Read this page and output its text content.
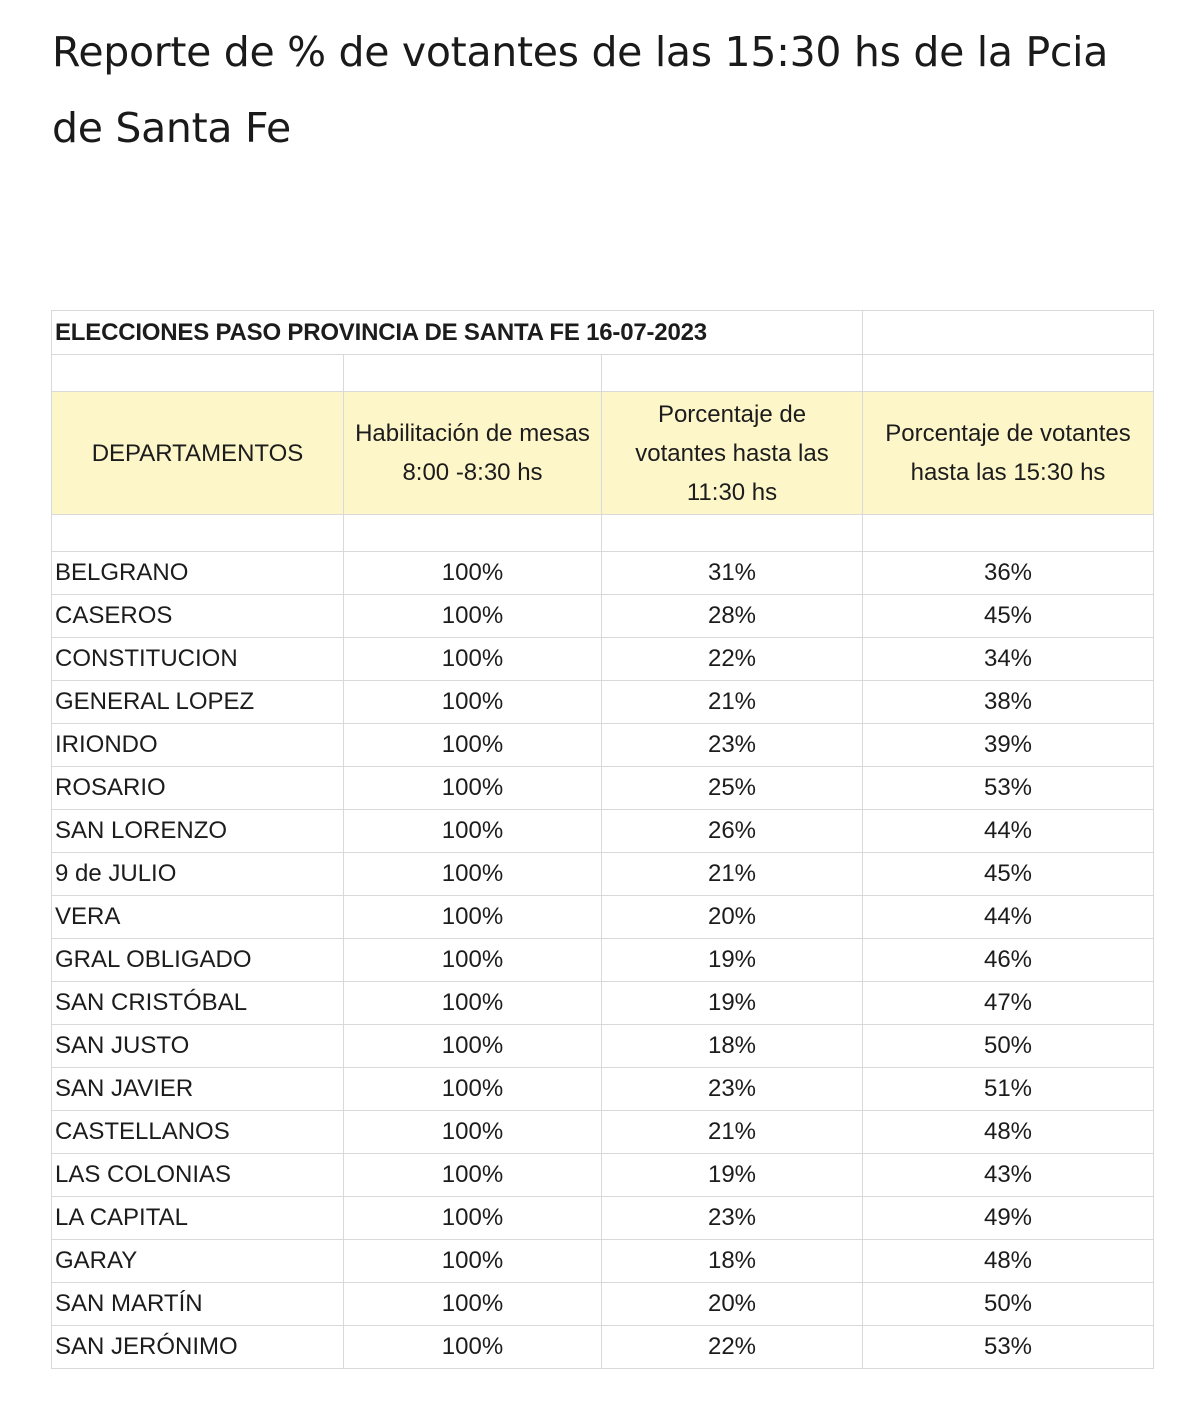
Reporte de % de votantes de las 15:30 hs de la Pcia de Santa Fe
ELECCIONES PASO PROVINCIA DE SANTA FE 16-07-2023			

DEPARTAMENTOS	Habilitación de mesas 8:00 -8:30 hs	Porcentaje de votantes hasta las 11:30 hs	Porcentaje de votantes hasta las 15:30 hs

BELGRANO	100%	31%	36%
CASEROS	100%	28%	45%
CONSTITUCION	100%	22%	34%
GENERAL LOPEZ	100%	21%	38%
IRIONDO	100%	23%	39%
ROSARIO	100%	25%	53%
SAN LORENZO	100%	26%	44%
9 de JULIO	100%	21%	45%
VERA	100%	20%	44%
GRAL OBLIGADO	100%	19%	46%
SAN CRISTÓBAL	100%	19%	47%
SAN JUSTO	100%	18%	50%
SAN JAVIER	100%	23%	51%
CASTELLANOS	100%	21%	48%
LAS COLONIAS	100%	19%	43%
LA CAPITAL	100%	23%	49%
GARAY	100%	18%	48%
SAN MARTÍN	100%	20%	50%
SAN JERÓNIMO	100%	22%	53%
